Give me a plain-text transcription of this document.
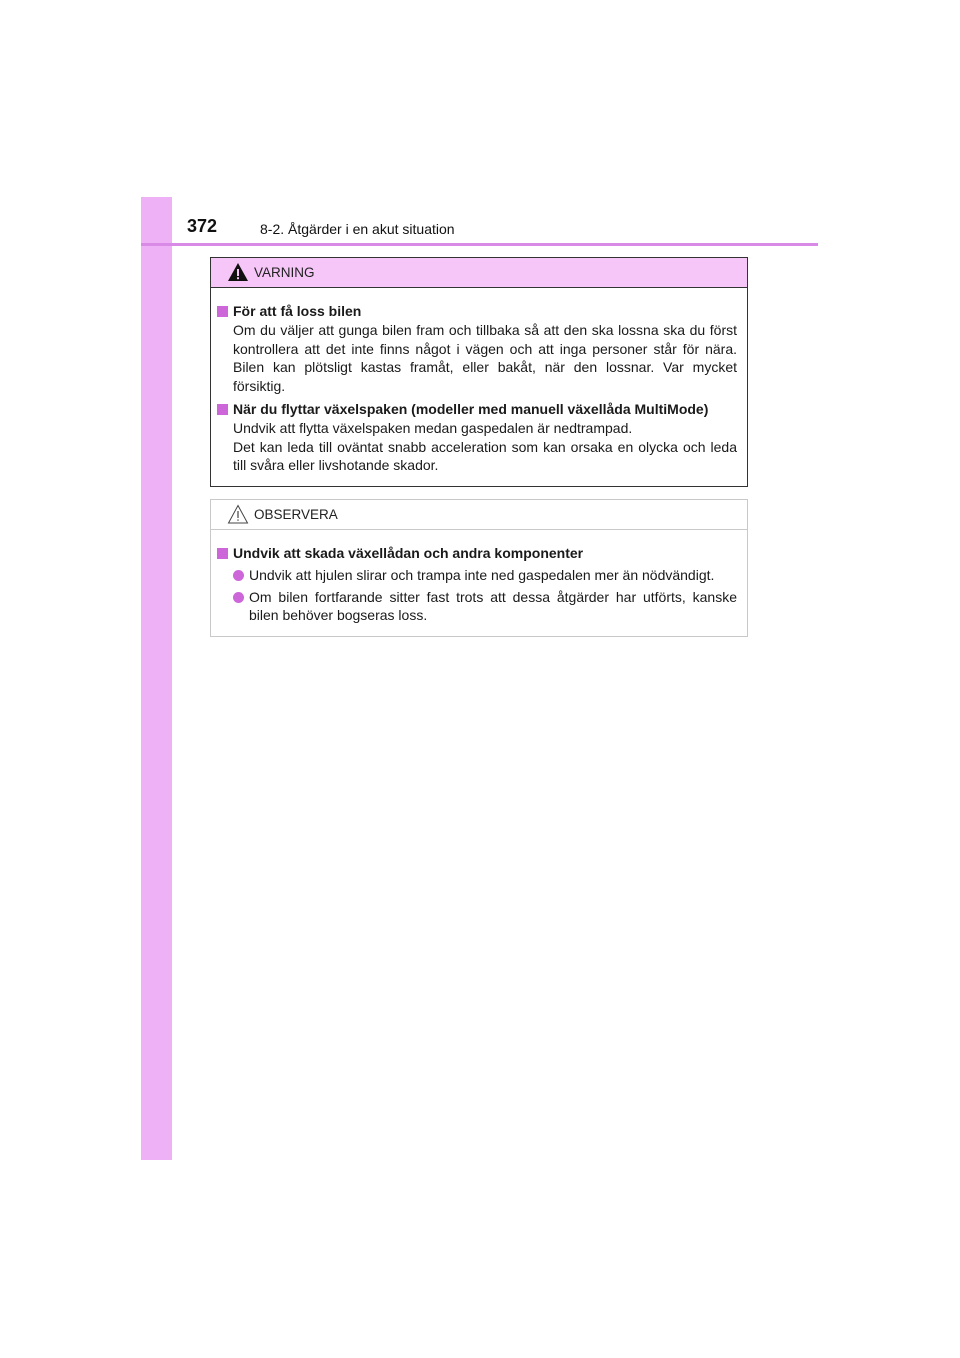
372	8-2. Åtgärder i en akut situation
VARNING
För att få loss bilen
Om du väljer att gunga bilen fram och tillbaka så att den ska lossna ska du först kontrollera att det inte finns något i vägen och att inga personer står för nära. Bilen kan plötsligt kastas framåt, eller bakåt, när den lossnar. Var mycket försiktig.
När du flyttar växelspaken (modeller med manuell växellåda MultiMode)
Undvik att flytta växelspaken medan gaspedalen är nedtrampad.
Det kan leda till oväntat snabb acceleration som kan orsaka en olycka och leda till svåra eller livshotande skador.
OBSERVERA
Undvik att skada växellådan och andra komponenter
Undvik att hjulen slirar och trampa inte ned gaspedalen mer än nödvändigt.
Om bilen fortfarande sitter fast trots att dessa åtgärder har utförts, kanske bilen behöver bogseras loss.
